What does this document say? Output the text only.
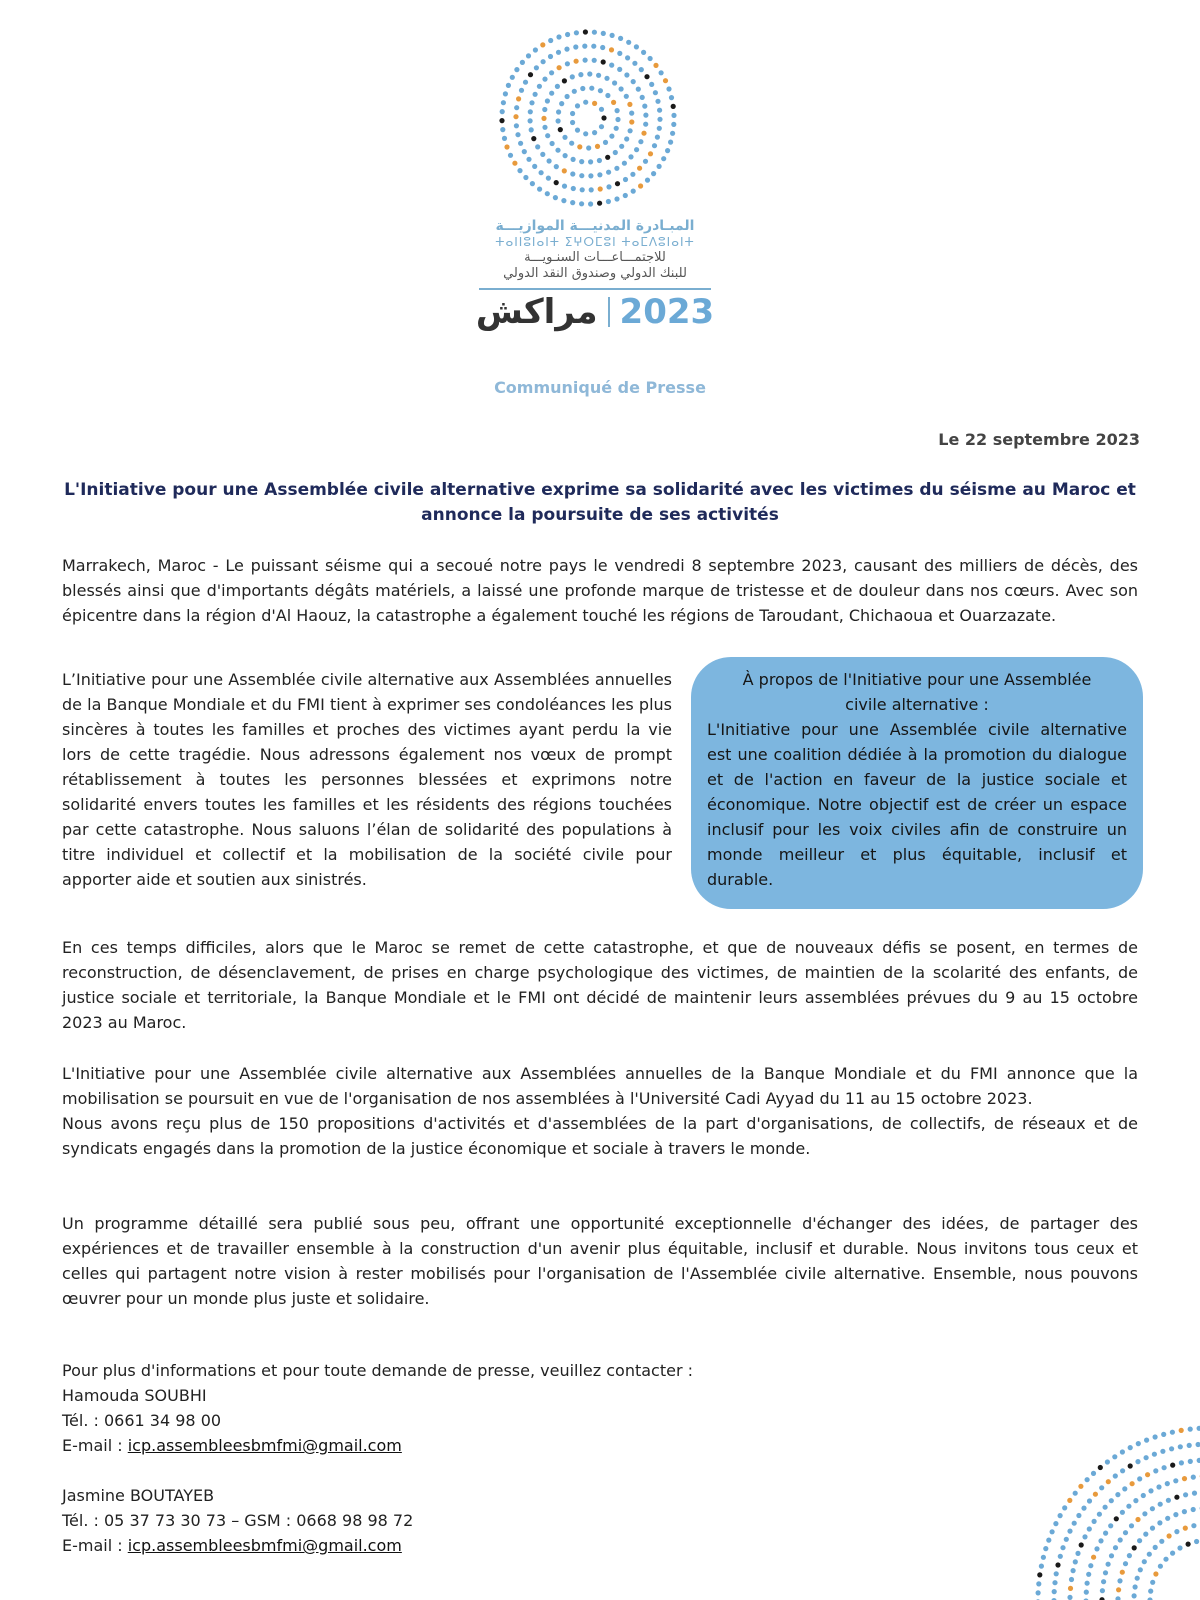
المبـادرة المدنيـــة الموازيـــة
ⵜⴰⵏⵏⵓⵏⴰⵏⵜ ⵉⵖⵔⵎⵓⵏ ⵜⴰⵎⴷⵓⵏⴰⵏⵜ
للاجتمـــاعـــات السنـويـــة
للبنك الدولي وصندوق النقد الدولي
مراكش 2023
Communiqué de Presse
Le 22 septembre 2023
L'Initiative pour une Assemblée civile alternative exprime sa solidarité avec les victimes du séisme au Maroc et annonce la poursuite de ses activités
Marrakech, Maroc - Le puissant séisme qui a secoué notre pays le vendredi 8 septembre 2023, causant des milliers de décès, des blessés ainsi que d'importants dégâts matériels, a laissé une profonde marque de tristesse et de douleur dans nos cœurs. Avec son épicentre dans la région d'Al Haouz, la catastrophe a également touché les régions de Taroudant, Chichaoua et Ouarzazate.
L’Initiative pour une Assemblée civile alternative aux Assemblées annuelles de la Banque Mondiale et du FMI tient à exprimer ses condoléances les plus sincères à toutes les familles et proches des victimes ayant perdu la vie lors de cette tragédie. Nous adressons également nos vœux de prompt rétablissement à toutes les personnes blessées et exprimons notre solidarité envers toutes les familles et les résidents des régions touchées par cette catastrophe. Nous saluons l’élan de solidarité des populations à titre individuel et collectif et la mobilisation de la société civile pour apporter aide et soutien aux sinistrés.
À propos de l'Initiative pour une Assemblée civile alternative :
L'Initiative pour une Assemblée civile alternative est une coalition dédiée à la promotion du dialogue et de l'action en faveur de la justice sociale et économique. Notre objectif est de créer un espace inclusif pour les voix civiles afin de construire un monde meilleur et plus équitable, inclusif et durable.
En ces temps difficiles, alors que le Maroc se remet de cette catastrophe, et que de nouveaux défis se posent, en termes de reconstruction, de désenclavement, de prises en charge psychologique des victimes, de maintien de la scolarité des enfants, de justice sociale et territoriale, la Banque Mondiale et le FMI ont décidé de maintenir leurs assemblées prévues du 9 au 15 octobre 2023 au Maroc.
L'Initiative pour une Assemblée civile alternative aux Assemblées annuelles de la Banque Mondiale et du FMI annonce que la mobilisation se poursuit en vue de l'organisation de nos assemblées à l'Université Cadi Ayyad du 11 au 15 octobre 2023.
Nous avons reçu plus de 150 propositions d'activités et d'assemblées de la part d'organisations, de collectifs, de réseaux et de syndicats engagés dans la promotion de la justice économique et sociale à travers le monde.
Un programme détaillé sera publié sous peu, offrant une opportunité exceptionnelle d'échanger des idées, de partager des expériences et de travailler ensemble à la construction d'un avenir plus équitable, inclusif et durable. Nous invitons tous ceux et celles qui partagent notre vision à rester mobilisés pour l'organisation de l'Assemblée civile alternative. Ensemble, nous pouvons œuvrer pour un monde plus juste et solidaire.
Pour plus d'informations et pour toute demande de presse, veuillez contacter :
Hamouda SOUBHI
Tél. : 0661 34 98 00
E-mail : icp.assembleesbmfmi@gmail.com
Jasmine BOUTAYEB
Tél. : 05 37 73 30 73 – GSM : 0668 98 98 72
E-mail : icp.assembleesbmfmi@gmail.com
